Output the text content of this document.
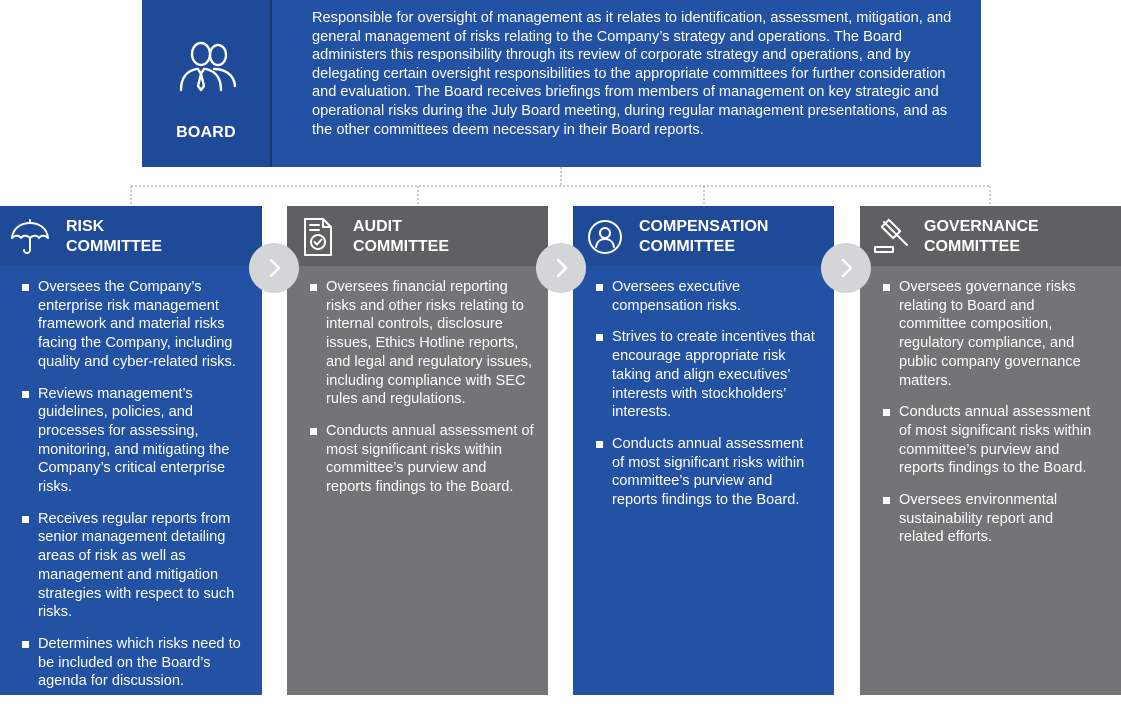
BOARD
Responsible for oversight of management as it relates to identification, assessment, mitigation, and general management of risks relating to the Company’s strategy and operations. The Board administers this responsibility through its review of corporate strategy and operations, and by delegating certain oversight responsibilities to the appropriate committees for further consideration and evaluation. The Board receives briefings from members of management on key strategic and operational risks during the July Board meeting, during regular management presentations, and as the other committees deem necessary in their Board reports.
RISK
COMMITTEE
Oversees the Company’s enterprise risk management framework and material risks facing the Company, including quality and cyber-related risks.
Reviews management’s guidelines, policies, and processes for assessing, monitoring, and mitigating the Company’s critical enterprise risks.
Receives regular reports from senior management detailing areas of risk as well as management and mitigation strategies with respect to such risks.
Determines which risks need to be included on the Board’s agenda for discussion.
AUDIT
COMMITTEE
Oversees financial reporting risks and other risks relating to internal controls, disclosure issues, Ethics Hotline reports, and legal and regulatory issues, including compliance with SEC rules and regulations.
Conducts annual assessment of most significant risks within committee’s purview and reports findings to the Board.
COMPENSATION
COMMITTEE
Oversees executive compensation risks.
Strives to create incentives that encourage appropriate risk taking and align executives’ interests with stockholders’ interests.
Conducts annual assessment of most significant risks within committee’s purview and reports findings to the Board.
GOVERNANCE
COMMITTEE
Oversees governance risks relating to Board and committee composition, regulatory compliance, and public company governance matters.
Conducts annual assessment of most significant risks within committee’s purview and reports findings to the Board.
Oversees environmental sustainability report and related efforts.
